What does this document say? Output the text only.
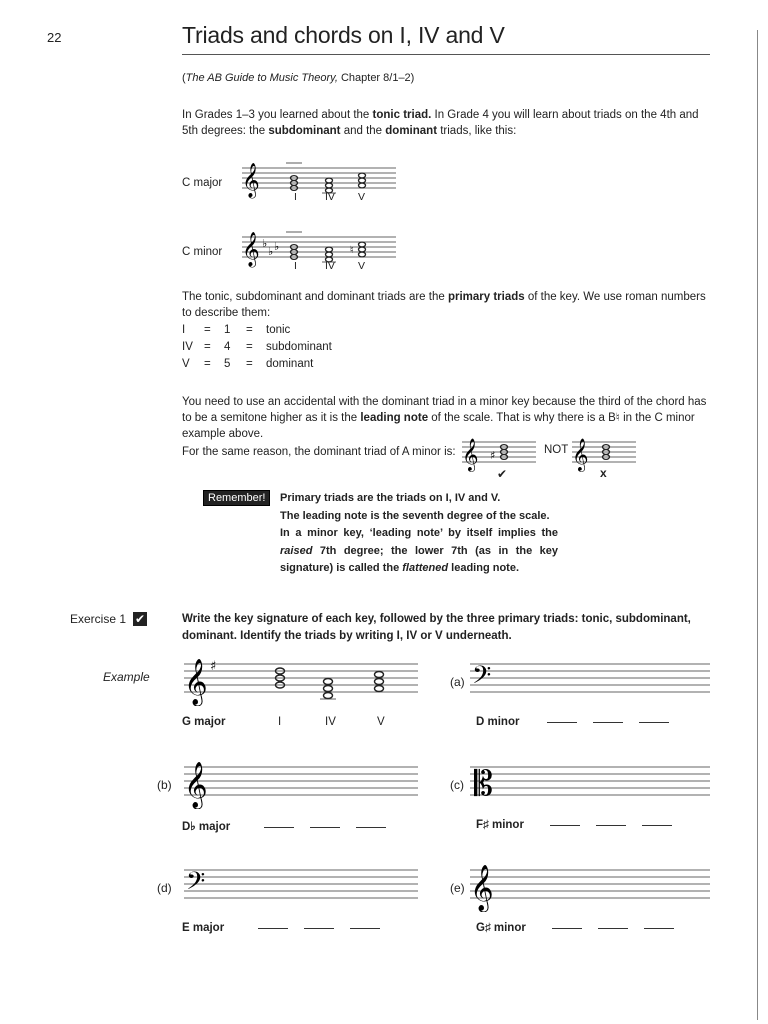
22	Triads and chords on I, IV and V
(The AB Guide to Music Theory, Chapter 8/1–2)
In Grades 1–3 you learned about the tonic triad. In Grade 4 you will learn about triads on the 4th and 5th degrees: the subdominant and the dominant triads, like this:
C major 𝄞	I	IV V
C minor 𝄞 ♭
♭ ♭	♮
I	IV V
The tonic, subdominant and dominant triads are the primary triads of the key. We use roman numbers to describe them:
I = 1 = tonic
IV = 4 = subdominant
V = 5 = dominant
You need to use an accidental with the dominant triad in a minor key because the third of the chord has to be a semitone higher as it is the leading note of the scale. That is why there is a B♮ in the C minor example above.
For the same reason, the dominant triad of A minor is: 𝄞 ♯
✔
NOT 𝄞
x
Remember!	Primary triads are the triads on I, IV and V.
The leading note is the seventh degree of the scale.
In a minor key, ‘leading note’ by itself implies the raised 7th degree; the lower 7th (as in the key signature) is called the flattened leading note.
Exercise 1 ✔	Write the key signature of each key, followed by the three primary triads: tonic, subdominant, dominant. Identify the triads by writing I, IV or V underneath.
Example 𝄞 ♯
G major	I	IV	V
(a) 𝄢
D minor
(b) 𝄞
D♭ major
(c) 𝄡
F♯ minor
(d) 𝄢
E major
(e) 𝄞
G♯ minor
